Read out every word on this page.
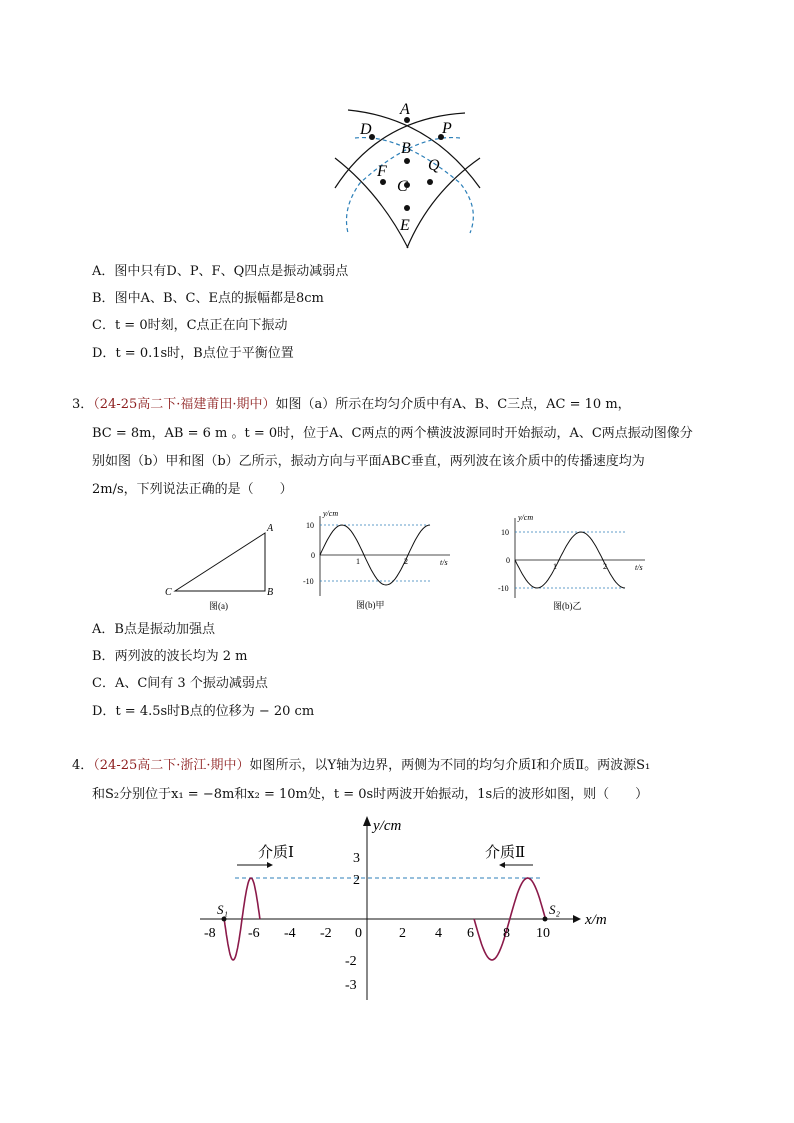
A
D	P
B
F	Q
C
E
A．图中只有D、P、F、Q四点是振动减弱点
B．图中A、B、C、E点的振幅都是8cm
C．t = 0时刻，C点正在向下振动
D．t = 0.1s时，B点位于平衡位置
3．（24-25高二下·福建莆田·期中）如图（a）所示在均匀介质中有A、B、C三点，AC = 10 m，
BC = 8m，AB = 6 m 。t = 0时，位于A、C两点的两个横波波源同时开始振动，A、C两点振动图像分
别如图（b）甲和图（b）乙所示，振动方向与平面ABC垂直，两列波在该介质中的传播速度均为
2m/s，下列说法正确的是（　　）
A
B
C
图(a)
y/cm
t/s
10
0
-10
1	2
图(b)甲
y/cm
t/s
10
0
-10
1	2
图(b)乙
A．B点是振动加强点
B．两列波的波长均为 2 m
C．A、C间有 3 个振动减弱点
D．t = 4.5s时B点的位移为 − 20 cm
4．（24-25高二下·浙江·期中）如图所示，以Y轴为边界，两侧为不同的均匀介质Ⅰ和介质Ⅱ。两波源S₁
和S₂分别位于x₁ = −8m和x₂ = 10m处，t = 0s时两波开始振动，1s后的波形如图，则（　　）
S₁	S₂
y/cm
x/m
介质Ⅰ	介质Ⅱ
3
2
-2
-3
-8 -6 -4 -2 0	2 4 6 8 10
